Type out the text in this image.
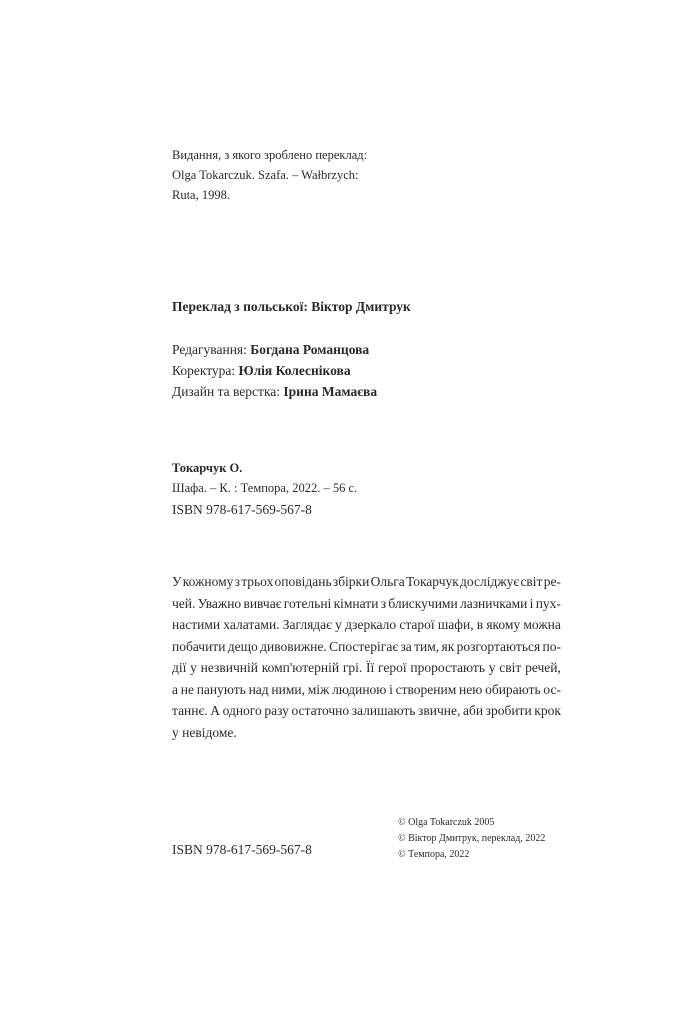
Видання, з якого зроблено переклад:
Olga Tokarczuk. Szafa. – Wałbrzych:
Ruta, 1998.
Переклад з польської: Віктор Дмитрук
Редагування: Богдана Романцова
Коректура: Юлія Колеснікова
Дизайн та верстка: Ірина Мамаєва
Токарчук О.
Шафа. – К. : Темпора, 2022. – 56 с.
ISBN 978-617-569-567-8
У кожному з трьох оповідань збірки Ольга Токарчук досліджує світ ре-
чей. Уважно вивчає готельні кімнати з блискучими лазничками і пух-
настими халатами. Заглядає у дзеркало старої шафи, в якому можна
побачити дещо дивовижне. Спостерігає за тим, як розгортаються по-
дії у незвичній комп'ютерній грі. Її герої проростають у світ речей,
а не панують над ними, між людиною і створеним нею обирають ос-
таннє. А одного разу остаточно залишають звичне, аби зробити крок
у невідоме.
© Olga Tokarczuk 2005
© Віктор Дмитрук, переклад, 2022
© Темпора, 2022
ISBN 978-617-569-567-8
